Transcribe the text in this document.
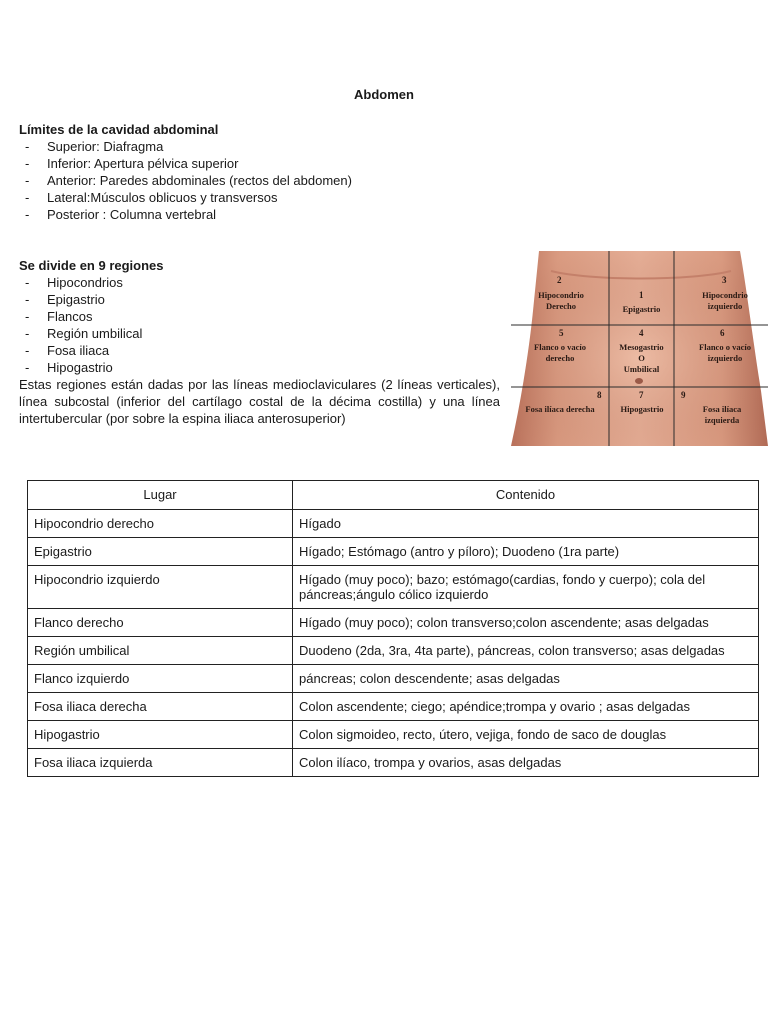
Abdomen
Límites de la cavidad abdominal
- Superior: Diafragma
- Inferior: Apertura pélvica superior
- Anterior: Paredes abdominales (rectos del abdomen)
- Lateral:Músculos oblicuos y transversos
- Posterior : Columna vertebral
Se divide en 9 regiones
- Hipocondrios
- Epigastrio
- Flancos
- Región umbilical
- Fosa iliaca
- Hipogastrio

Estas regiones están dadas por las líneas medioclaviculares (2 líneas verticales), línea subcostal (inferior del cartílago costal de la décima costilla) y una línea intertubercular (por sobre la espina iliaca anterosuperior)

2
Hipocondrio
Derecho
1
Epigastrio
3
Hipocondrio
izquierdo
5
Flanco o vacío
derecho
4
Mesogastrio
O
Umbilical
6
Flanco o vacío
izquierdo
8
Fosa ilíaca derecha
7
Hipogastrio
9
Fosa ilíaca
izquierda
Lugar	Contenido
Hipocondrio derecho	Hígado
Epigastrio	Hígado; Estómago (antro y píloro); Duodeno (1ra parte)
Hipocondrio izquierdo	Hígado (muy poco); bazo; estómago(cardias, fondo y cuerpo); cola del páncreas;ángulo cólico izquierdo
Flanco derecho	Hígado (muy poco); colon transverso;colon ascendente; asas delgadas
Región umbilical	Duodeno (2da, 3ra, 4ta parte), páncreas, colon transverso; asas delgadas
Flanco izquierdo	páncreas; colon descendente; asas delgadas
Fosa iliaca derecha	Colon ascendente; ciego; apéndice;trompa y ovario ; asas delgadas
Hipogastrio	Colon sigmoideo, recto, útero, vejiga, fondo de saco de douglas
Fosa iliaca izquierda	Colon ilíaco, trompa y ovarios, asas delgadas
